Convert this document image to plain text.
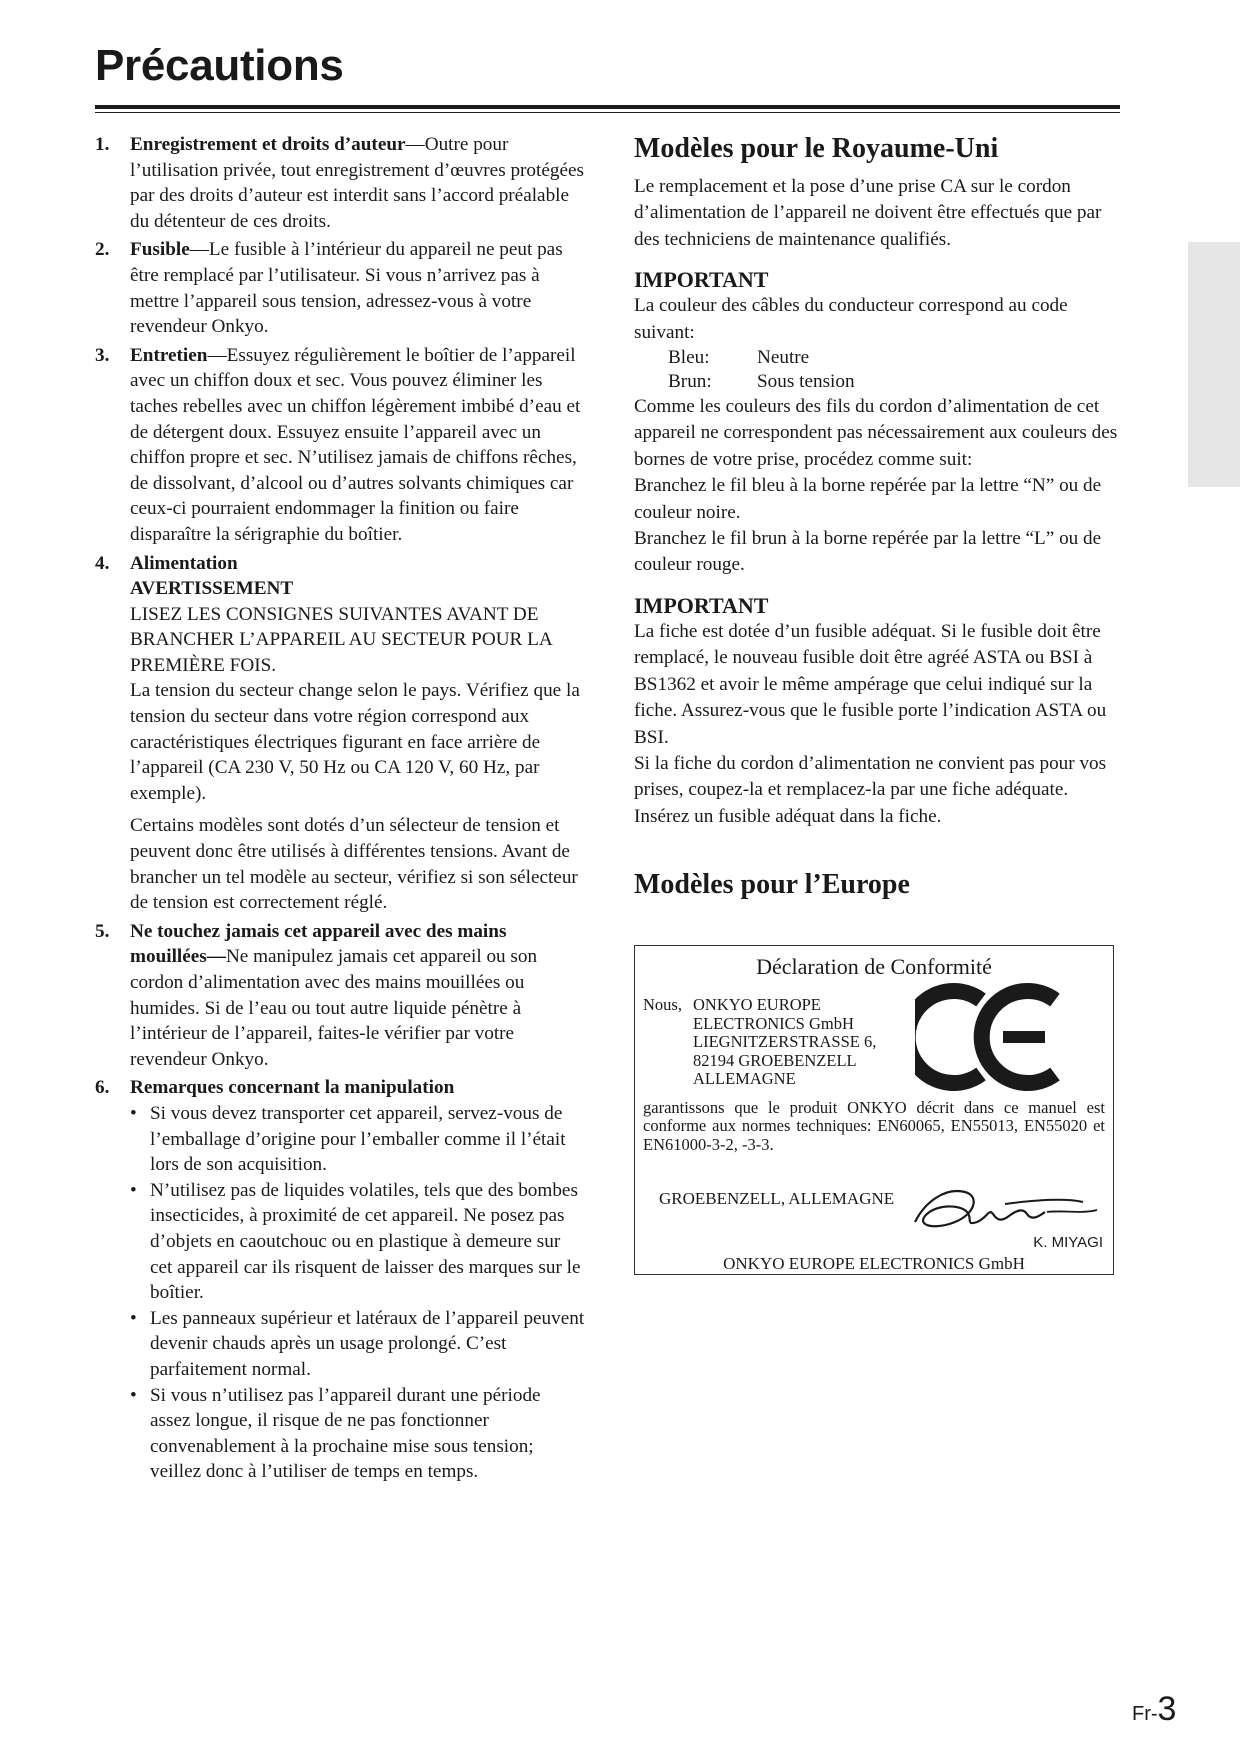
Précautions
1.	Enregistrement et droits d’auteur—Outre pour l’utilisation privée, tout enregistrement d’œuvres protégées par des droits d’auteur est interdit sans l’accord préalable du détenteur de ces droits.

2.	Fusible—Le fusible à l’intérieur du appareil ne peut pas être remplacé par l’utilisateur. Si vous n’arrivez pas à mettre l’appareil sous tension, adressez-vous à votre revendeur Onkyo.

3.	Entretien—Essuyez régulièrement le boîtier de l’appareil avec un chiffon doux et sec. Vous pouvez éliminer les taches rebelles avec un chiffon légèrement imbibé d’eau et de détergent doux. Essuyez ensuite l’appareil avec un chiffon propre et sec. N’utilisez jamais de chiffons rêches, de dissolvant, d’alcool ou d’autres solvants chimiques car ceux-ci pourraient endommager la finition ou faire disparaître la sérigraphie du boîtier.

4.	Alimentation

AVERTISSEMENT

LISEZ LES CONSIGNES SUIVANTES AVANT DE BRANCHER L’APPAREIL AU SECTEUR POUR LA PREMIÈRE FOIS.

La tension du secteur change selon le pays. Vérifiez que la tension du secteur dans votre région correspond aux caractéristiques électriques figurant en face arrière de l’appareil (CA 230 V, 50 Hz ou CA 120 V, 60 Hz, par exemple).

Certains modèles sont dotés d’un sélecteur de tension et peuvent donc être utilisés à différentes tensions. Avant de brancher un tel modèle au secteur, vérifiez si son sélecteur de tension est correctement réglé.

5.	Ne touchez jamais cet appareil avec des mains mouillées—Ne manipulez jamais cet appareil ou son cordon d’alimentation avec des mains mouillées ou humides. Si de l’eau ou tout autre liquide pénètre à l’intérieur de l’appareil, faites-le vérifier par votre revendeur Onkyo.

6.	Remarques concernant la manipulation

• Si vous devez transporter cet appareil, servez-vous de l’emballage d’origine pour l’emballer comme il l’était lors de son acquisition.
• N’utilisez pas de liquides volatiles, tels que des bombes insecticides, à proximité de cet appareil. Ne posez pas d’objets en caoutchouc ou en plastique à demeure sur cet appareil car ils risquent de laisser des marques sur le boîtier.
• Les panneaux supérieur et latéraux de l’appareil peuvent devenir chauds après un usage prolongé. C’est parfaitement normal.
• Si vous n’utilisez pas l’appareil durant une période assez longue, il risque de ne pas fonctionner convenablement à la prochaine mise sous tension; veillez donc à l’utiliser de temps en temps.
Modèles pour le Royaume-Uni

Le remplacement et la pose d’une prise CA sur le cordon d’alimentation de l’appareil ne doivent être effectués que par des techniciens de maintenance qualifiés.

IMPORTANT

La couleur des câbles du conducteur correspond au code suivant:

Bleu:	Neutre
Brun:	Sous tension

Comme les couleurs des fils du cordon d’alimentation de cet appareil ne correspondent pas nécessairement aux couleurs des bornes de votre prise, procédez comme suit:

Branchez le fil bleu à la borne repérée par la lettre “N” ou de couleur noire.

Branchez le fil brun à la borne repérée par la lettre “L” ou de couleur rouge.

IMPORTANT

La fiche est dotée d’un fusible adéquat. Si le fusible doit être remplacé, le nouveau fusible doit être agréé ASTA ou BSI à BS1362 et avoir le même ampérage que celui indiqué sur la fiche. Assurez-vous que le fusible porte l’indication ASTA ou BSI.

Si la fiche du cordon d’alimentation ne convient pas pour vos prises, coupez-la et remplacez-la par une fiche adéquate. Insérez un fusible adéquat dans la fiche.

Modèles pour l’Europe
Déclaration de Conformité
Nous, ONKYO EUROPE
ELECTRONICS GmbH
LIEGNITZERSTRASSE 6,
82194 GROEBENZELL
ALLEMAGNE
garantissons que le produit ONKYO décrit dans ce manuel est conforme aux normes techniques: EN60065, EN55013, EN55020 et EN61000-3-2, -3-3.
GROEBENZELL, ALLEMAGNE
K. MIYAGI
ONKYO EUROPE ELECTRONICS GmbH
Fr-3
